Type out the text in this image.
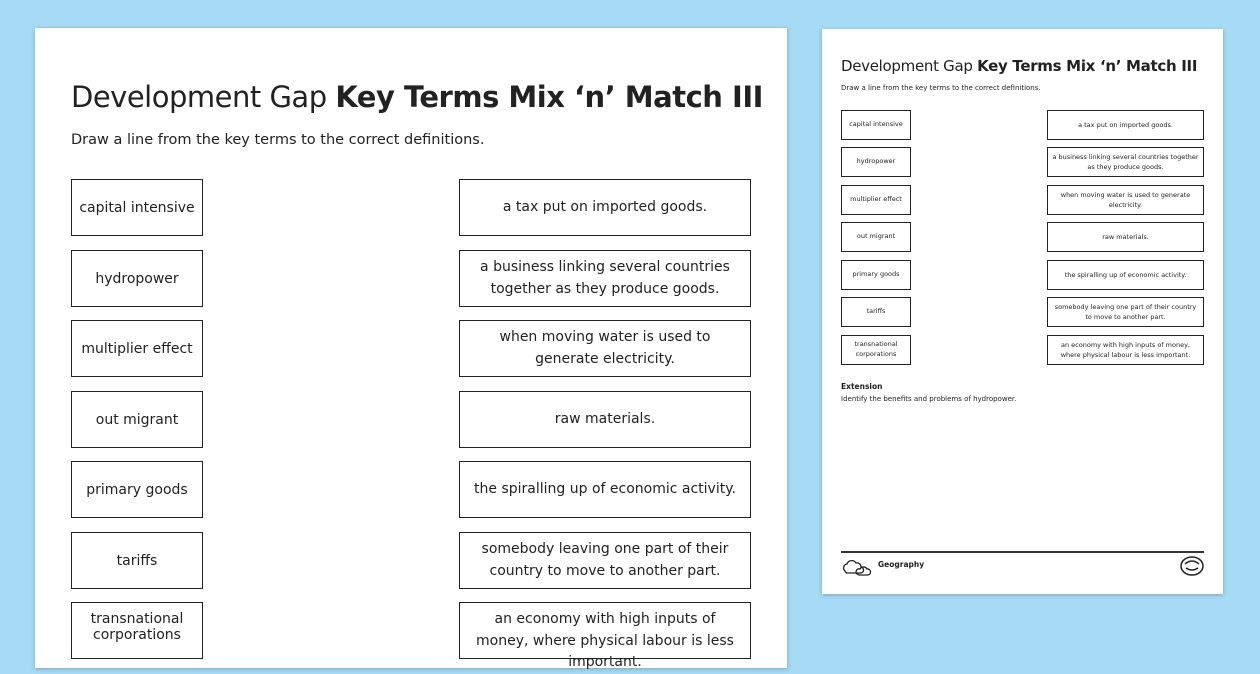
Development Gap Key Terms Mix ‘n’ Match III
Draw a line from the key terms to the correct definitions.
capital intensive
hydropower
multiplier effect
out migrant
primary goods
tariffs
transnational corporations
a tax put on imported goods.
a business linking several countries together as they produce goods.
when moving water is used to generate electricity.
raw materials.
the spiralling up of economic activity.
somebody leaving one part of their country to move to another part.
an economy with high inputs of money, where physical labour is less important.
Development Gap Key Terms Mix ‘n’ Match III
Draw a line from the key terms to the correct definitions.
capital intensive
hydropower
multiplier effect
out migrant
primary goods
tariffs
transnational corporations
a tax put on imported goods.
a business linking several countries together as they produce goods.
when moving water is used to generate electricity.
raw materials.
the spiralling up of economic activity.
somebody leaving one part of their country to move to another part.
an economy with high inputs of money, where physical labour is less important.
Extension
Identify the benefits and problems of hydropower.
Geography
